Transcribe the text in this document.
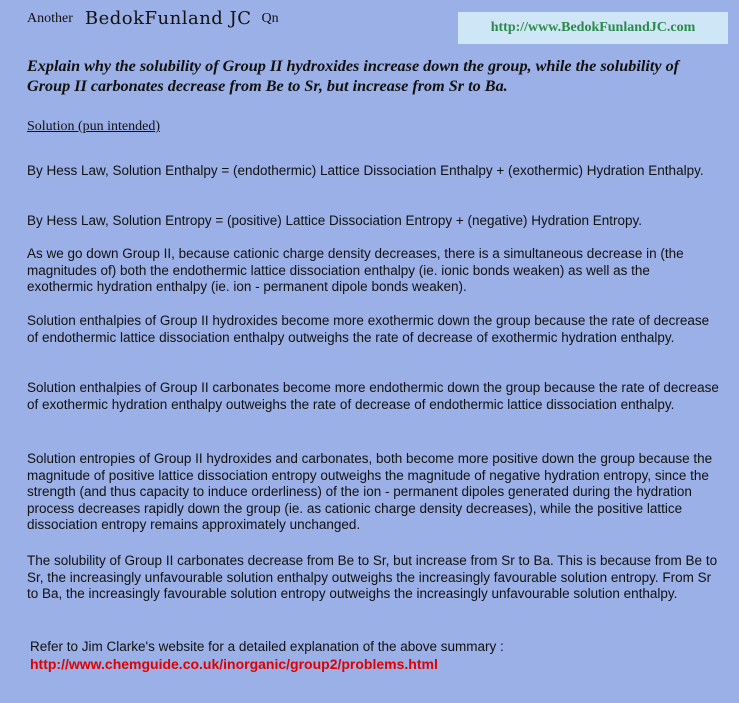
Another BedokFunland JC Qn
http://www.BedokFunlandJC.com

Explain why the solubility of Group II hydroxides increase down the group, while the solubility of Group II carbonates decrease from Be to Sr, but increase from Sr to Ba.

Solution (pun intended)

By Hess Law, Solution Enthalpy = (endothermic) Lattice Dissociation Enthalpy + (exothermic) Hydration Enthalpy.

By Hess Law, Solution Entropy = (positive) Lattice Dissociation Entropy + (negative) Hydration Entropy.

As we go down Group II, because cationic charge density decreases, there is a simultaneous decrease in (the magnitudes of) both the endothermic lattice dissociation enthalpy (ie. ionic bonds weaken) as well as the exothermic hydration enthalpy (ie. ion - permanent dipole bonds weaken).

Solution enthalpies of Group II hydroxides become more exothermic down the group because the rate of decrease of endothermic lattice dissociation enthalpy outweighs the rate of decrease of exothermic hydration enthalpy.

Solution enthalpies of Group II carbonates become more endothermic down the group because the rate of decrease of exothermic hydration enthalpy outweighs the rate of decrease of endothermic lattice dissociation enthalpy.

Solution entropies of Group II hydroxides and carbonates, both become more positive down the group because the magnitude of positive lattice dissociation entropy outweighs the magnitude of negative hydration entropy, since the strength (and thus capacity to induce orderliness) of the ion - permanent dipoles generated during the hydration process decreases rapidly down the group (ie. as cationic charge density decreases), while the positive lattice dissociation entropy remains approximately unchanged.

The solubility of Group II carbonates decrease from Be to Sr, but increase from Sr to Ba. This is because from Be to Sr, the increasingly unfavourable solution enthalpy outweighs the increasingly favourable solution entropy. From Sr to Ba, the increasingly favourable solution entropy outweighs the increasingly unfavourable solution enthalpy.

Refer to Jim Clarke's website for a detailed explanation of the above summary :
http://www.chemguide.co.uk/inorganic/group2/problems.html
